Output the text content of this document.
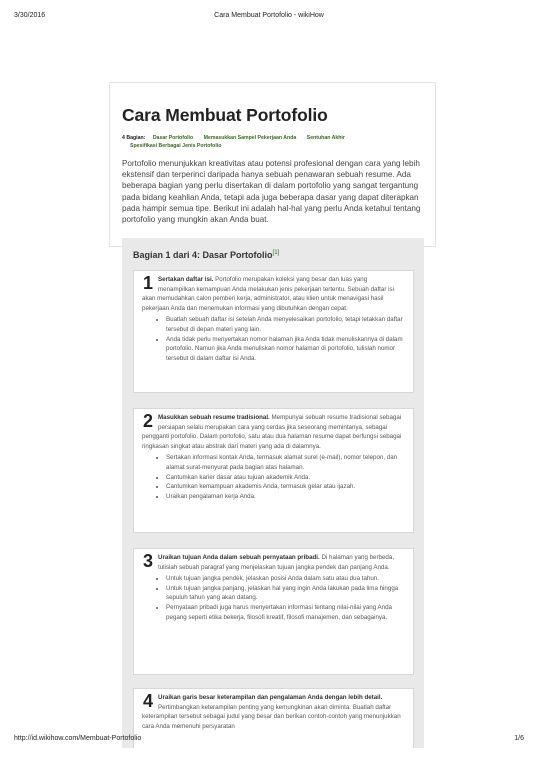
3/30/2016	Cara Membuat Portofolio - wikiHow
Cara Membuat Portofolio
4 Bagian: Dasar Portofolio Memasukkan Sampel Pekerjaan Anda Sentuhan Akhir
Spesifikasi Berbagai Jenis Portofolio

Portofolio menunjukkan kreativitas atau potensi profesional dengan cara yang lebih ekstensif dan terperinci daripada hanya sebuah penawaran sebuah resume. Ada beberapa bagian yang perlu disertakan di dalam portofolio yang sangat tergantung pada bidang keahlian Anda, tetapi ada juga beberapa dasar yang dapat diterapkan pada hampir semua tipe. Berikut ini adalah hal-hal yang perlu Anda ketahui tentang portofolio yang mungkin akan Anda buat.

Bagian 1 dari 4: Dasar Portofolio[1]
1 Sertakan daftar isi. Portofolio merupakan koleksi yang besar dan luas yang menampilkan kemampuan Anda melakukan jenis pekerjaan tertentu. Sebuah daftar isi akan memudahkan calon pemberi kerja, administrator, atau klien untuk menavigasi hasil pekerjaan Anda dan menemukan informasi yang dibutuhkan dengan cepat.
• Buatlah sebuah daftar isi setelah Anda menyelesaikan portofolio, tetapi letakkan daftar tersebut di depan materi yang lain.
• Anda tidak perlu menyertakan nomor halaman jika Anda tidak menuliskannya di dalam portofolio. Namun jika Anda menuliskan nomor halaman di portofolio, tulislah nomor tersebut di dalam daftar isi Anda.
2 Masukkan sebuah resume tradisional. Mempunyai sebuah resume tradisional sebagai persiapan selalu merupakan cara yang cerdas jika seseorang memintanya, sebagai pengganti portofolio. Dalam portofolio, satu atau dua halaman resume dapat berfungsi sebagai ringkasan singkat atau abstrak dari materi yang ada di dalamnya.
• Sertakan informasi kontak Anda, termasuk alamat surel (e-mail), nomor telepon, dan alamat surat-menyurat pada bagian atas halaman.
• Cantumkan karier dasar atau tujuan akademik Anda.
• Cantumkan kemampuan akademis Anda, termasuk gelar atau ijazah.
• Uraikan pengalaman kerja Anda.
3 Uraikan tujuan Anda dalam sebuah pernyataan pribadi. Di halaman yang berbeda, tulislah sebuah paragraf yang menjelaskan tujuan jangka pendek dan panjang Anda.
• Untuk tujuan jangka pendek, jelaskan posisi Anda dalam satu atau dua tahun.
• Untuk tujuan jangka panjang, jelaskan hal yang ingin Anda lakukan pada lima hingga sepuluh tahun yang akan datang.
• Pernyataan pribadi juga harus menyertakan informasi tentang nilai-nilai yang Anda pegang seperti etika bekerja, filosofi kreatif, filosofi manajemen, dan sebagainya.
4 Uraikan garis besar keterampilan dan pengalaman Anda dengan lebih detail. Pertimbangkan keterampilan penting yang kemungkinan akan diminta. Buatlah daftar keterampilan tersebut sebagai judul yang besar dan berikan contoh-contoh yang menunjukkan cara Anda memenuhi persyaratan
http://id.wikihow.com/Membuat-Portofolio	1/6
